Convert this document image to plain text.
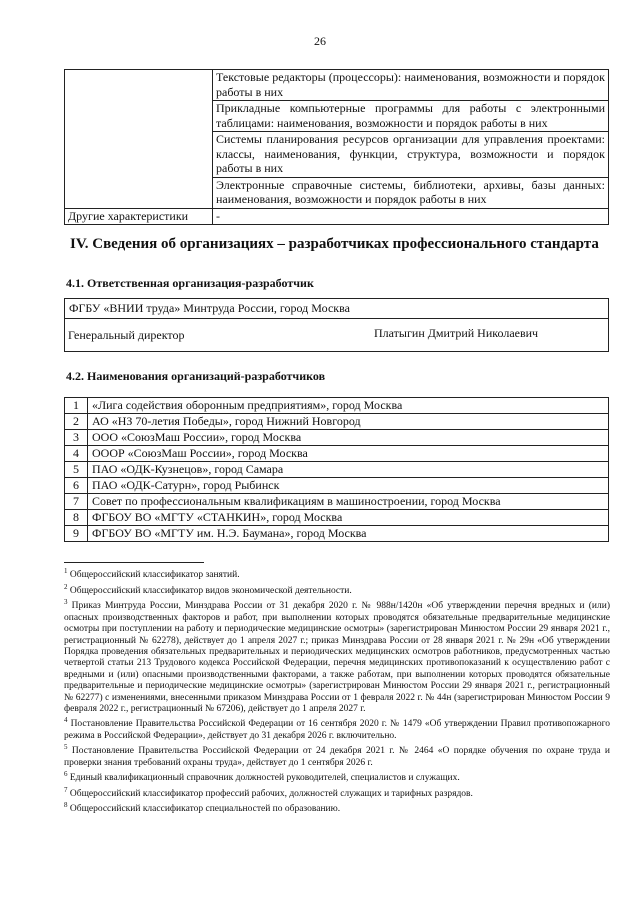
26
	Текстовые редакторы (процессоры): наименования, возможности и порядок работы в них
	Прикладные компьютерные программы для работы с электронными таблицами: наименования, возможности и порядок работы в них
	Системы планирования ресурсов организации для управления проектами: классы, наименования, функции, структура, возможности и порядок работы в них
	Электронные справочные системы, библиотеки, архивы, базы данных: наименования, возможности и порядок работы в них
Другие характеристики	-
IV. Сведения об организациях – разработчиках профессионального стандарта
4.1. Ответственная организация-разработчик
ФГБУ «ВНИИ труда» Минтруда России, город Москва

Генеральный директор	Платыгин Дмитрий Николаевич
4.2. Наименования организаций-разработчиков
1	«Лига содействия оборонным предприятиям», город Москва
2	АО «НЗ 70-летия Победы», город Нижний Новгород
3	ООО «СоюзМаш России», город Москва
4	ОООР «СоюзМаш России», город Москва
5	ПАО «ОДК-Кузнецов», город Самара
6	ПАО «ОДК-Сатурн», город Рыбинск
7	Совет по профессиональным квалификациям в машиностроении, город Москва
8	ФГБОУ ВО «МГТУ «СТАНКИН», город Москва
9	ФГБОУ ВО «МГТУ им. Н.Э. Баумана», город Москва

$^1$ Общероссийский классификатор занятий.

$^2$ Общероссийский классификатор видов экономической деятельности.

$^3$ Приказ Минтруда России, Минздрава России от 31 декабря 2020 г. № 988н/1420н «Об утверждении перечня вредных и (или) опасных производственных факторов и работ, при выполнении которых проводятся обязательные предварительные медицинские осмотры при поступлении на работу и периодические медицинские осмотры» (зарегистрирован Минюстом России 29 января 2021 г., регистрационный № 62278), действует до 1 апреля 2027 г.; приказ Минздрава России от 28 января 2021 г. № 29н «Об утверждении Порядка проведения обязательных предварительных и периодических медицинских осмотров работников, предусмотренных частью четвертой статьи 213 Трудового кодекса Российской Федерации, перечня медицинских противопоказаний к осуществлению работ с вредными и (или) опасными производственными факторами, а также работам, при выполнении которых проводятся обязательные предварительные и периодические медицинские осмотры» (зарегистрирован Минюстом России 29 января 2021 г., регистрационный № 62277) с изменениями, внесенными приказом Минздрава России от 1 февраля 2022 г. № 44н (зарегистрирован Минюстом России 9 февраля 2022 г., регистрационный № 67206), действует до 1 апреля 2027 г.

$^4$ Постановление Правительства Российской Федерации от 16 сентября 2020 г. № 1479 «Об утверждении Правил противопожарного режима в Российской Федерации», действует до 31 декабря 2026 г. включительно.

$^5$ Постановление Правительства Российской Федерации от 24 декабря 2021 г. № 2464 «О порядке обучения по охране труда и проверки знания требований охраны труда», действует до 1 сентября 2026 г.

$^6$ Единый квалификационный справочник должностей руководителей, специалистов и служащих.

$^7$ Общероссийский классификатор профессий рабочих, должностей служащих и тарифных разрядов.

$^8$ Общероссийский классификатор специальностей по образованию.
